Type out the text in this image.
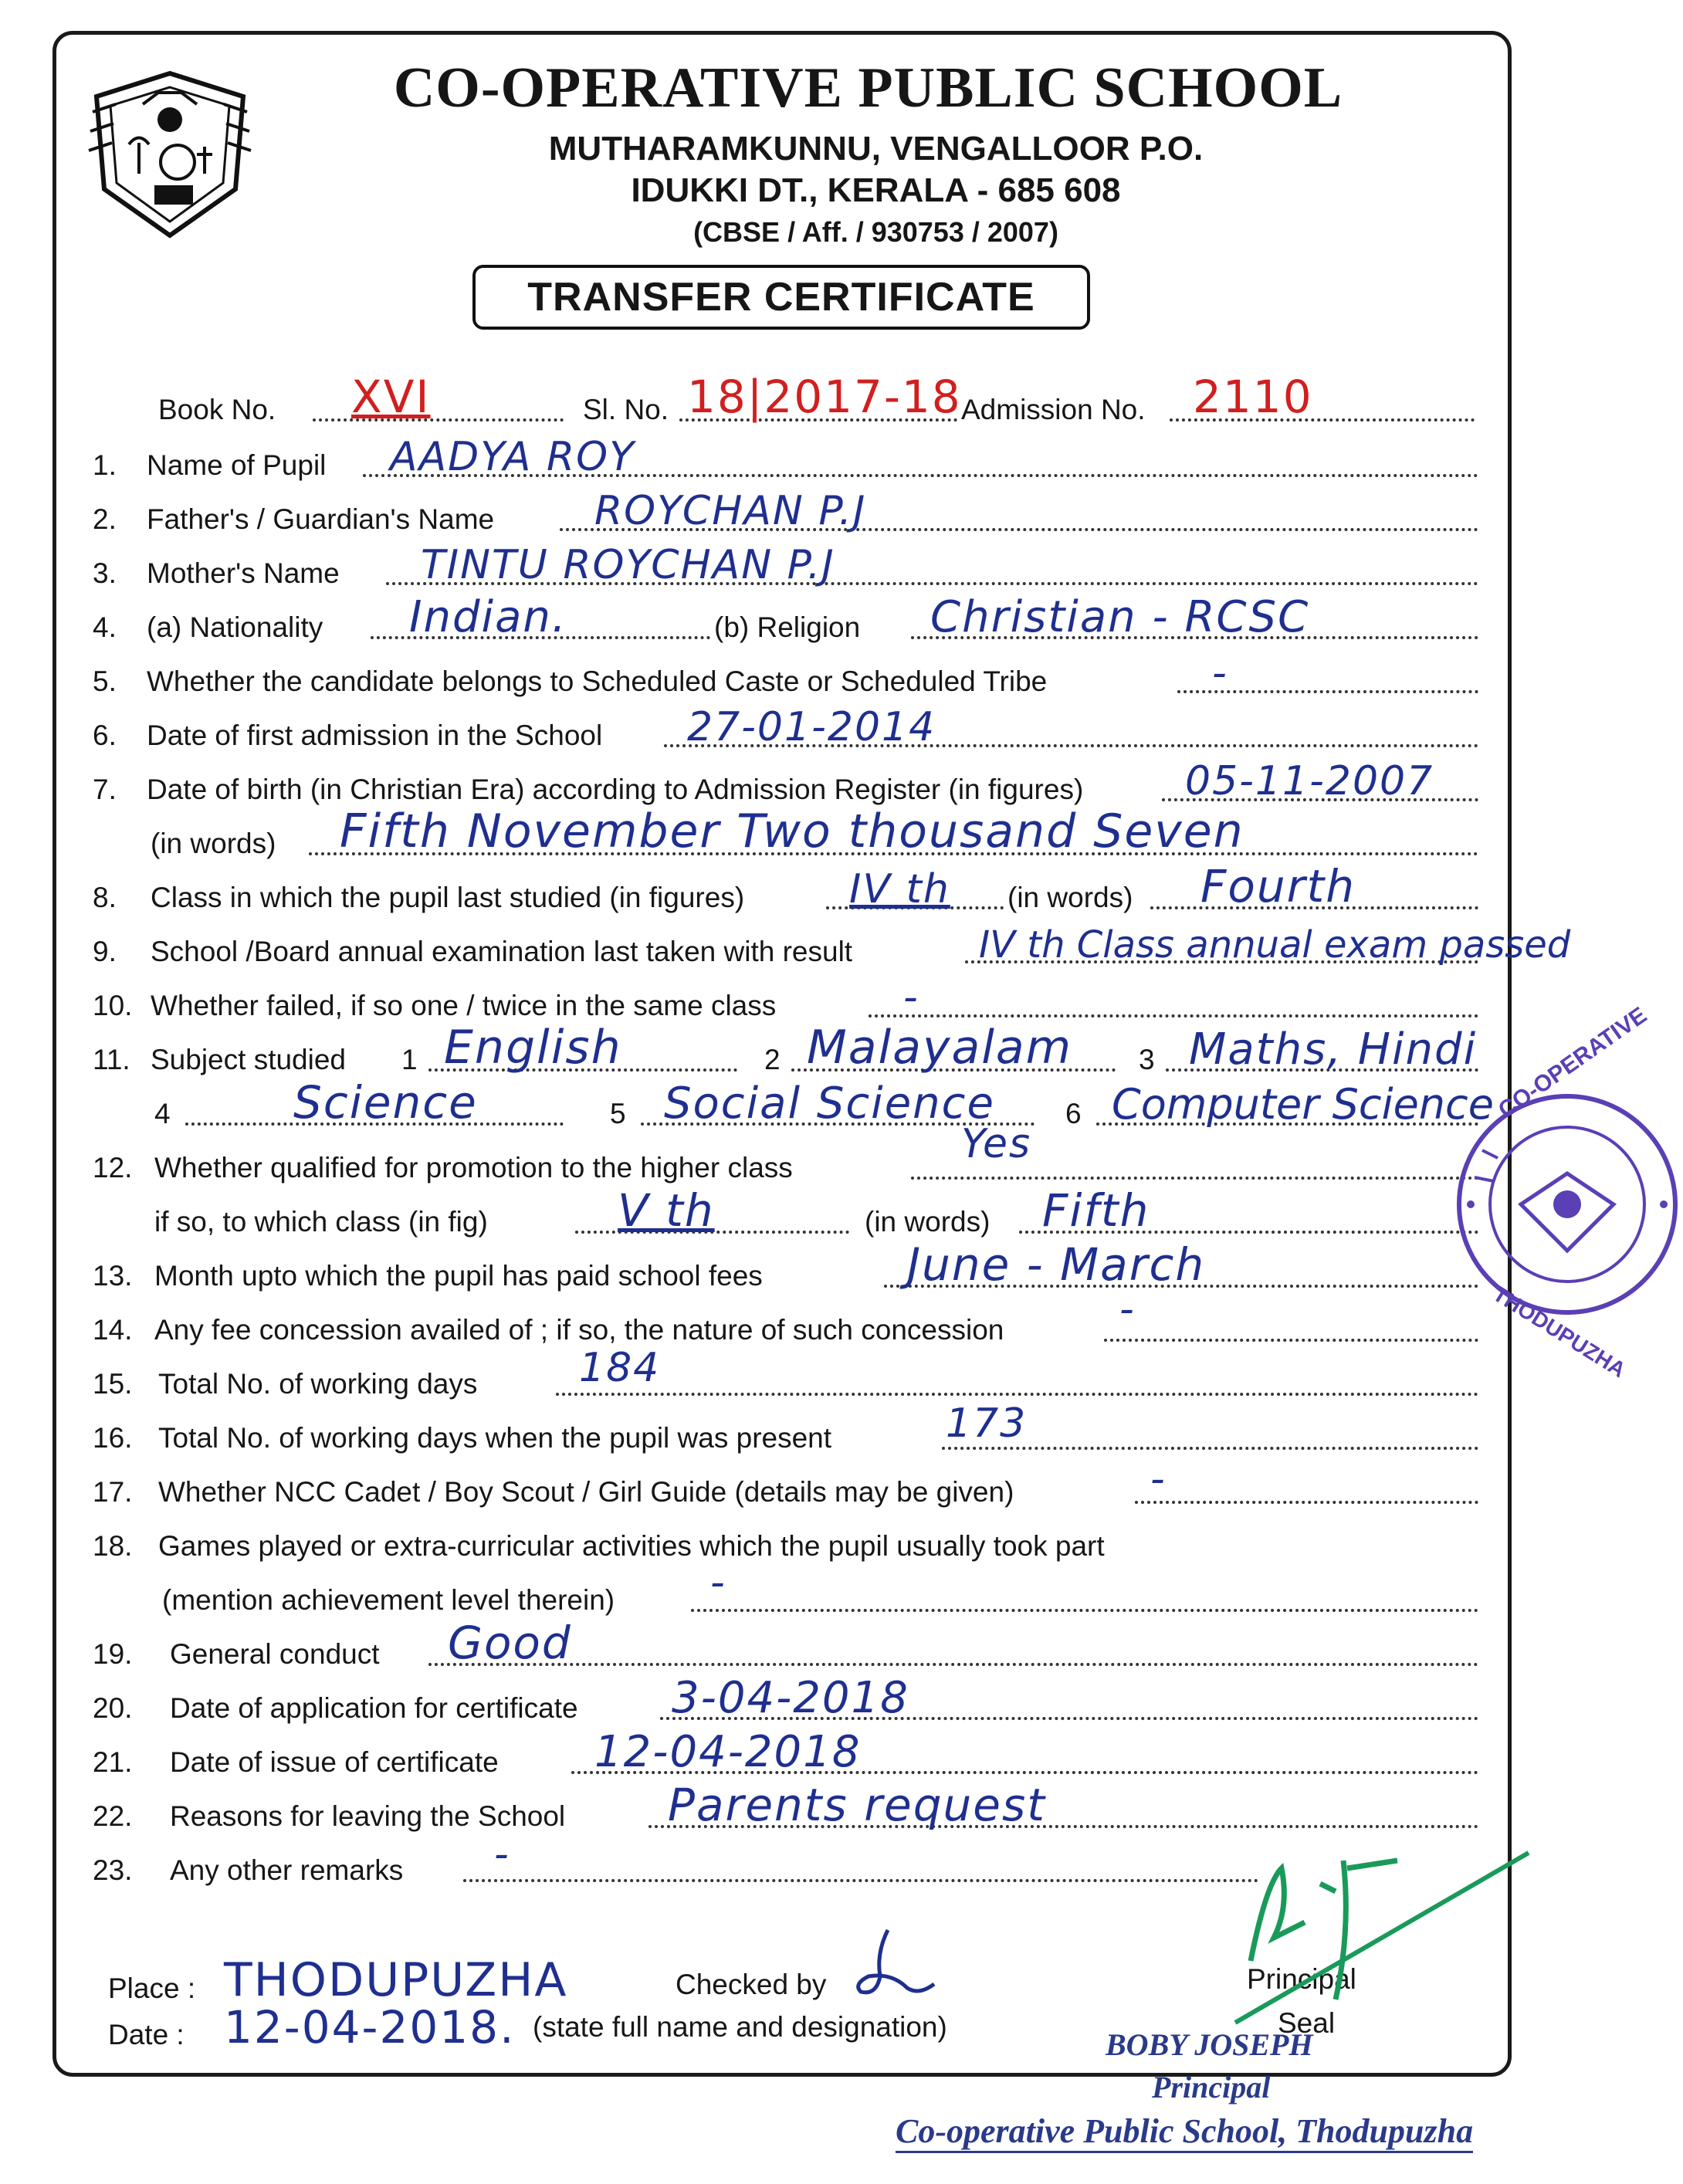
CO-OPERATIVE PUBLIC SCHOOL
MUTHARAMKUNNU, VENGALLOOR P.O.
IDUKKI DT., KERALA - 685 608
(CBSE / Aff. / 930753 / 2007)
TRANSFER CERTIFICATE
Book No. XVI	Sl. No. 18|2017-18 Admission No. 2110
1. Name of Pupil AADYA ROY
2. Father's / Guardian's Name ROYCHAN P.J
3. Mother's Name TINTU ROYCHAN P.J
4. (a) Nationality Indian.	(b) Religion Christian - RCSC
5. Whether the candidate belongs to Scheduled Caste or Scheduled Tribe	-
6. Date of first admission in the School 27-01-2014
7. Date of birth (in Christian Era) according to Admission Register (in figures)	05-11-2007
(in words) Fifth November Two thousand Seven
8. Class in which the pupil last studied (in figures)	IV th (in words) Fourth
9. School /Board annual examination last taken with result	IV th Class annual exam passed
10. Whether failed, if so one / twice in the same class	-
11. Subject studied 1 English	2 Malayalam 3 Maths, Hindi
4	Science	5 Social Science 6 Computer Science
12. Whether qualified for promotion to the higher class
Yes
if so, to which class (in fig)	V th	(in words) Fifth
13. Month upto which the pupil has paid school fees	June - March
14. Any fee concession availed of ; if so, the nature of such concession	-
15. Total No. of working days	184
16. Total No. of working days when the pupil was present	173
17. Whether NCC Cadet / Boy Scout / Girl Guide (details may be given)	-
18. Games played or extra-curricular activities which the pupil usually took part
(mention achievement level therein) -
19. General conduct Good
20. Date of application for certificate 3-04-2018
21. Date of issue of certificate 12-04-2018
22. Reasons for leaving the School Parents request
23. Any other remarks -
Place : THODUPUZHA
Date : 12-04-2018.
Checked by
(state full name and designation)
Principal
Seal
BOBY JOSEPH
Principal
Co-operative Public School, Thodupuzha
CO-OPERATIVE
THODUPUZHA
